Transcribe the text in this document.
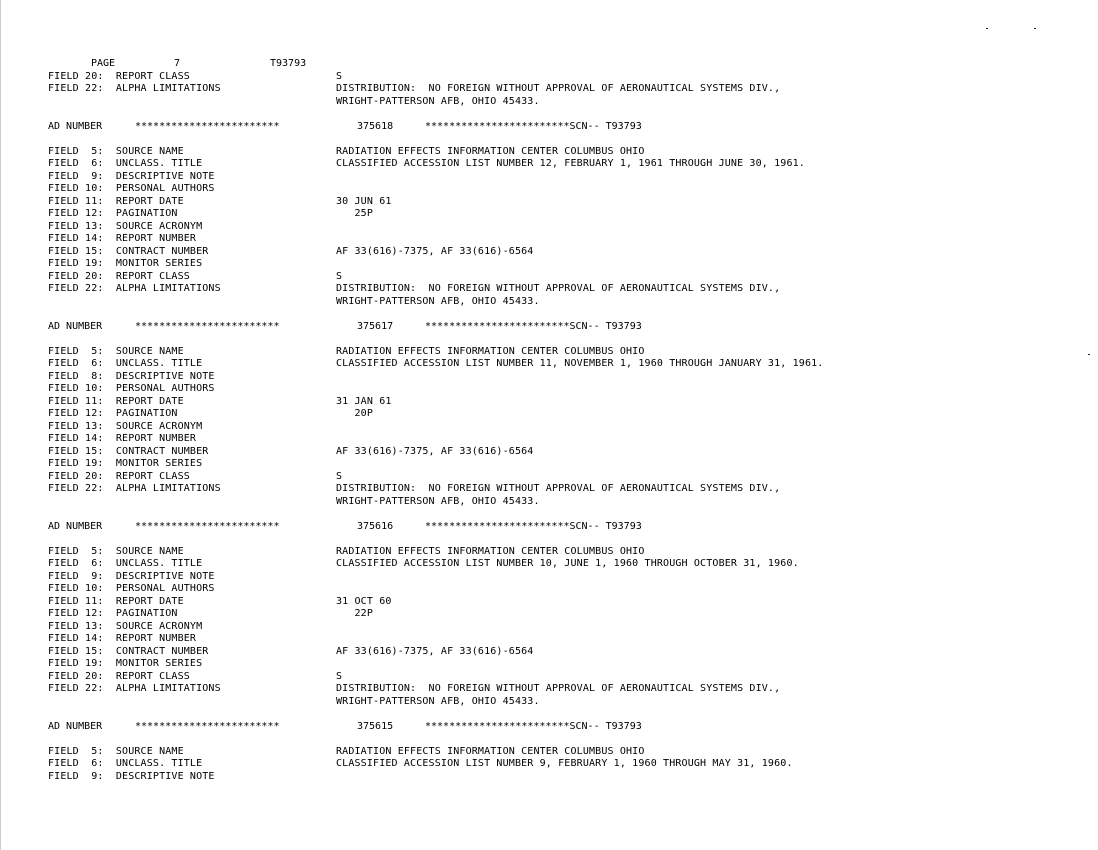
PAGE	7	T93793
FIELD 20:  REPORT CLASS	S
FIELD 22:  ALPHA LIMITATIONS	DISTRIBUTION:  NO FOREIGN WITHOUT APPROVAL OF AERONAUTICAL SYSTEMS DIV.,
WRIGHT-PATTERSON AFB, OHIO 45433.
AD NUMBER	************************	375618	************************SCN-- T93793
FIELD  5:  SOURCE NAME	RADIATION EFFECTS INFORMATION CENTER COLUMBUS OHIO
FIELD  6:  UNCLASS. TITLE	CLASSIFIED ACCESSION LIST NUMBER 12, FEBRUARY 1, 1961 THROUGH JUNE 30, 1961.
FIELD  9:  DESCRIPTIVE NOTE
FIELD 10:  PERSONAL AUTHORS
FIELD 11:  REPORT DATE	30 JUN 61
FIELD 12:  PAGINATION	25P
FIELD 13:  SOURCE ACRONYM
FIELD 14:  REPORT NUMBER
FIELD 15:  CONTRACT NUMBER	AF 33(616)-7375, AF 33(616)-6564
FIELD 19:  MONITOR SERIES
FIELD 20:  REPORT CLASS	S
FIELD 22:  ALPHA LIMITATIONS	DISTRIBUTION:  NO FOREIGN WITHOUT APPROVAL OF AERONAUTICAL SYSTEMS DIV.,
WRIGHT-PATTERSON AFB, OHIO 45433.
AD NUMBER	************************	375617	************************SCN-- T93793
FIELD  5:  SOURCE NAME	RADIATION EFFECTS INFORMATION CENTER COLUMBUS OHIO
FIELD  6:  UNCLASS. TITLE	CLASSIFIED ACCESSION LIST NUMBER 11, NOVEMBER 1, 1960 THROUGH JANUARY 31, 1961.
FIELD  8:  DESCRIPTIVE NOTE
FIELD 10:  PERSONAL AUTHORS
FIELD 11:  REPORT DATE	31 JAN 61
FIELD 12:  PAGINATION	20P
FIELD 13:  SOURCE ACRONYM
FIELD 14:  REPORT NUMBER
FIELD 15:  CONTRACT NUMBER	AF 33(616)-7375, AF 33(616)-6564
FIELD 19:  MONITOR SERIES
FIELD 20:  REPORT CLASS	S
FIELD 22:  ALPHA LIMITATIONS	DISTRIBUTION:  NO FOREIGN WITHOUT APPROVAL OF AERONAUTICAL SYSTEMS DIV.,
WRIGHT-PATTERSON AFB, OHIO 45433.
AD NUMBER	************************	375616	************************SCN-- T93793
FIELD  5:  SOURCE NAME	RADIATION EFFECTS INFORMATION CENTER COLUMBUS OHIO
FIELD  6:  UNCLASS. TITLE	CLASSIFIED ACCESSION LIST NUMBER 10, JUNE 1, 1960 THROUGH OCTOBER 31, 1960.
FIELD  9:  DESCRIPTIVE NOTE
FIELD 10:  PERSONAL AUTHORS
FIELD 11:  REPORT DATE	31 OCT 60
FIELD 12:  PAGINATION	22P
FIELD 13:  SOURCE ACRONYM
FIELD 14:  REPORT NUMBER
FIELD 15:  CONTRACT NUMBER	AF 33(616)-7375, AF 33(616)-6564
FIELD 19:  MONITOR SERIES
FIELD 20:  REPORT CLASS	S
FIELD 22:  ALPHA LIMITATIONS	DISTRIBUTION:  NO FOREIGN WITHOUT APPROVAL OF AERONAUTICAL SYSTEMS DIV.,
WRIGHT-PATTERSON AFB, OHIO 45433.
AD NUMBER	************************	375615	************************SCN-- T93793
FIELD  5:  SOURCE NAME	RADIATION EFFECTS INFORMATION CENTER COLUMBUS OHIO
FIELD  6:  UNCLASS. TITLE	CLASSIFIED ACCESSION LIST NUMBER 9, FEBRUARY 1, 1960 THROUGH MAY 31, 1960.
FIELD  9:  DESCRIPTIVE NOTE
